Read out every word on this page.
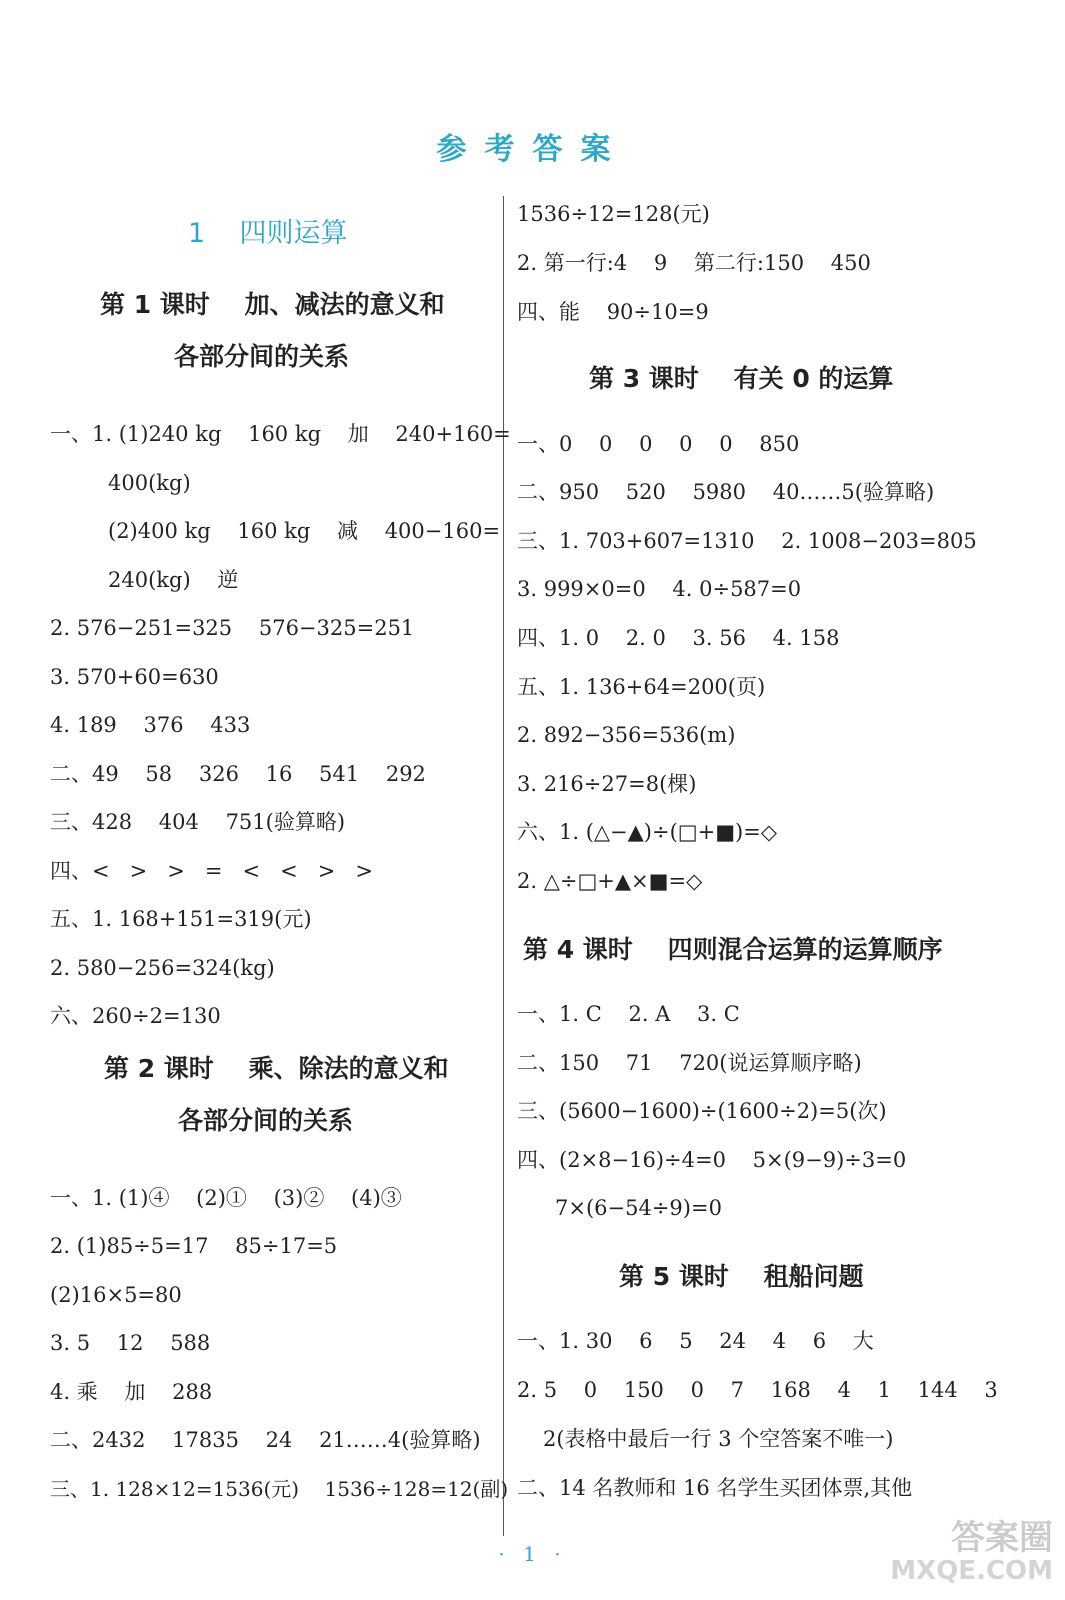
参考答案
1    四则运算
第 1 课时    加、减法的意义和
各部分间的关系
一、1. (1)240 kg    160 kg    加    240+160=
400(kg)
(2)400 kg    160 kg    减    400−160=
240(kg)    逆
2. 576−251=325    576−325=251
3. 570+60=630
4. 189    376    433
二、49    58    326    16    541    292
三、428    404    751(验算略)
四、<   >   >   =   <   <   >   >
五、1. 168+151=319(元)
2. 580−256=324(kg)
六、260÷2=130
第 2 课时    乘、除法的意义和
各部分间的关系
一、1. (1)④    (2)①    (3)②    (4)③
2. (1)85÷5=17    85÷17=5
(2)16×5=80
3. 5    12    588
4. 乘    加    288
二、2432    17835    24    21……4(验算略)
三、1. 128×12=1536(元)    1536÷128=12(副)
1536÷12=128(元)
2. 第一行:4    9    第二行:150    450
四、能    90÷10=9
第 3 课时    有关 0 的运算
一、0    0    0    0    0    850
二、950    520    5980    40……5(验算略)
三、1. 703+607=1310    2. 1008−203=805
3. 999×0=0    4. 0÷587=0
四、1. 0    2. 0    3. 56    4. 158
五、1. 136+64=200(页)
2. 892−356=536(m)
3. 216÷27=8(棵)
六、1. (△−▲)÷(□+■)=◇
2. △÷□+▲×■=◇
第 4 课时    四则混合运算的运算顺序
一、1. C    2. A    3. C
二、150    71    720(说运算顺序略)
三、(5600−1600)÷(1600÷2)=5(次)
四、(2×8−16)÷4=0    5×(9−9)÷3=0
7×(6−54÷9)=0
第 5 课时    租船问题
一、1. 30    6    5    24    4    6    大
2. 5    0    150    0    7    168    4    1    144    3
2(表格中最后一行 3 个空答案不唯一)
二、14 名教师和 16 名学生买团体票,其他
· 1 ·	答案圈
MXQE.COM
